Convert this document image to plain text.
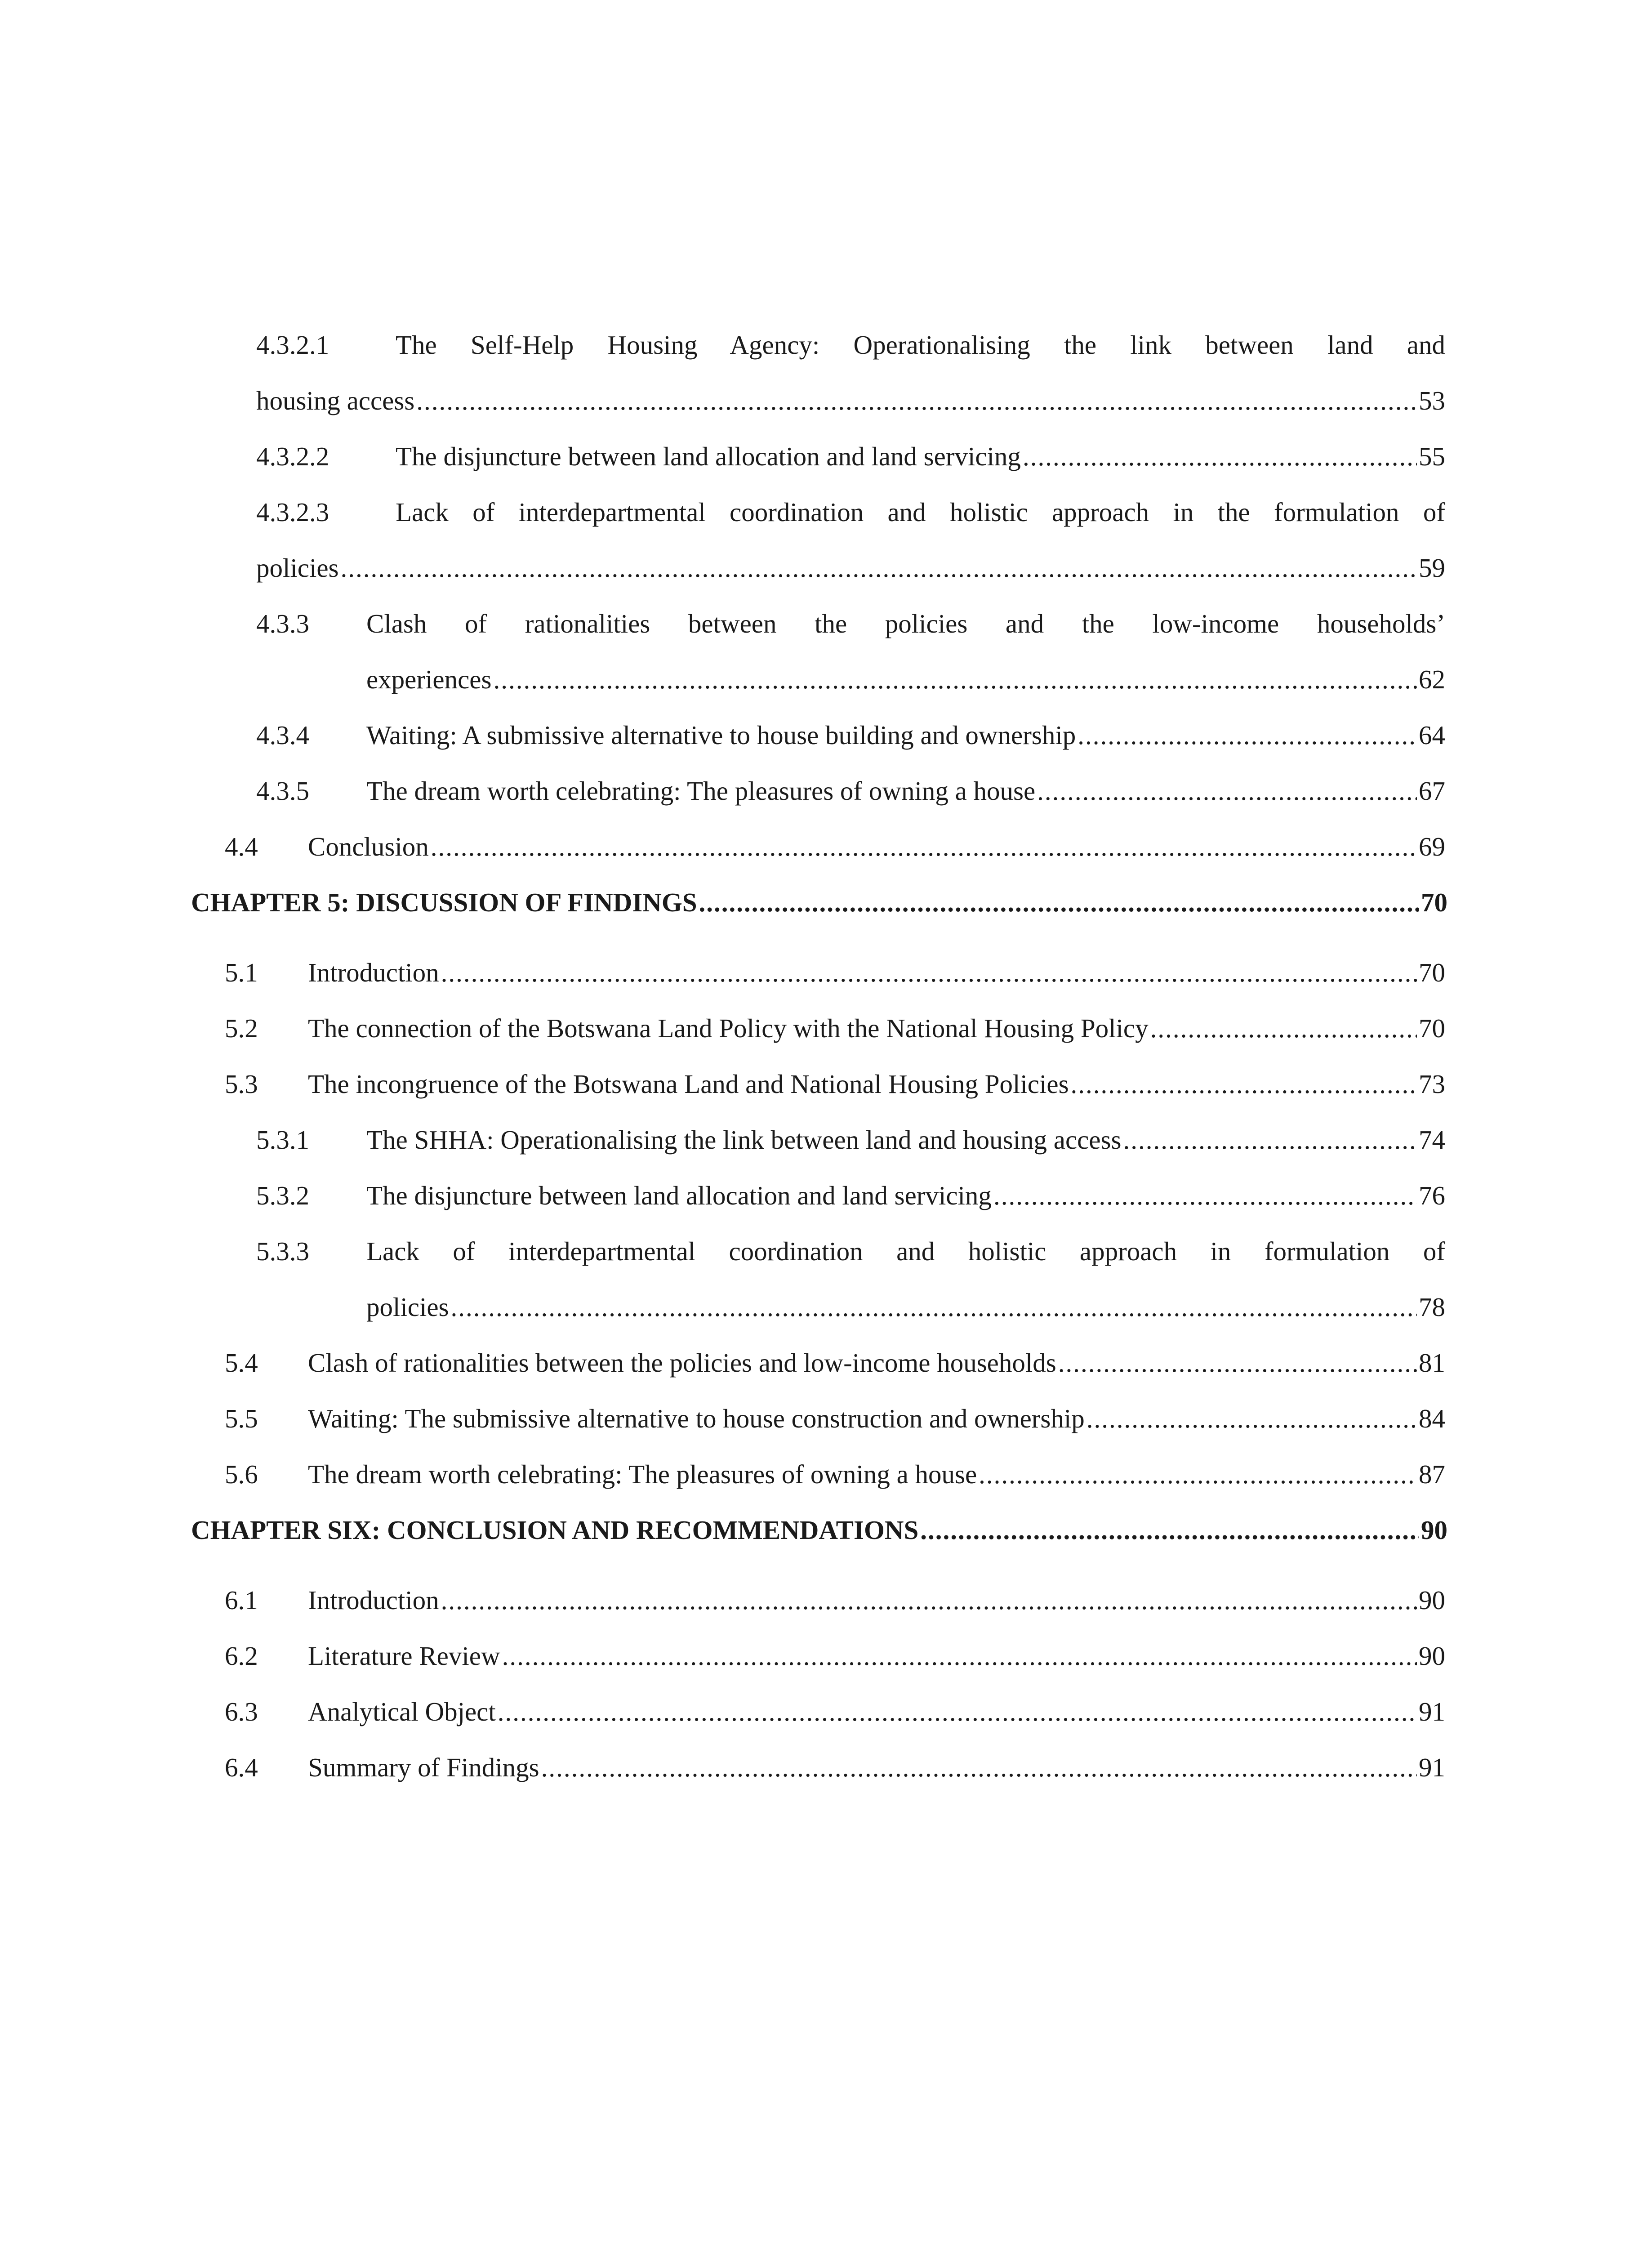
4.3.2.1	The Self-Help Housing Agency: Operationalising the link between land and
housing access .....	53
4.3.2.2	The disjuncture between land allocation and land servicing .....	55
4.3.2.3	Lack of interdepartmental coordination and holistic approach in the formulation of
policies .....	59
4.3.3	Clash of rationalities between the policies and the low-income households’
experiences .....	62
4.3.4	Waiting: A submissive alternative to house building and ownership .....	64
4.3.5	The dream worth celebrating: The pleasures of owning a house .....	67
4.4	Conclusion .....	69
CHAPTER 5: DISCUSSION OF FINDINGS .....	70
5.1	Introduction .....	70
5.2	The connection of the Botswana Land Policy with the National Housing Policy .....	70
5.3	The incongruence of the Botswana Land and National Housing Policies .....	73
5.3.1	The SHHA: Operationalising the link between land and housing access .....	74
5.3.2	The disjuncture between land allocation and land servicing .....	76
5.3.3	Lack of interdepartmental coordination and holistic approach in formulation of
policies .....	78
5.4	Clash of rationalities between the policies and low-income households .....	81
5.5	Waiting: The submissive alternative to house construction and ownership .....	84
5.6	The dream worth celebrating: The pleasures of owning a house .....	87
CHAPTER SIX: CONCLUSION AND RECOMMENDATIONS .....	90
6.1	Introduction .....	90
6.2	Literature Review .....	90
6.3	Analytical Object .....	91
6.4	Summary of Findings .....	91
